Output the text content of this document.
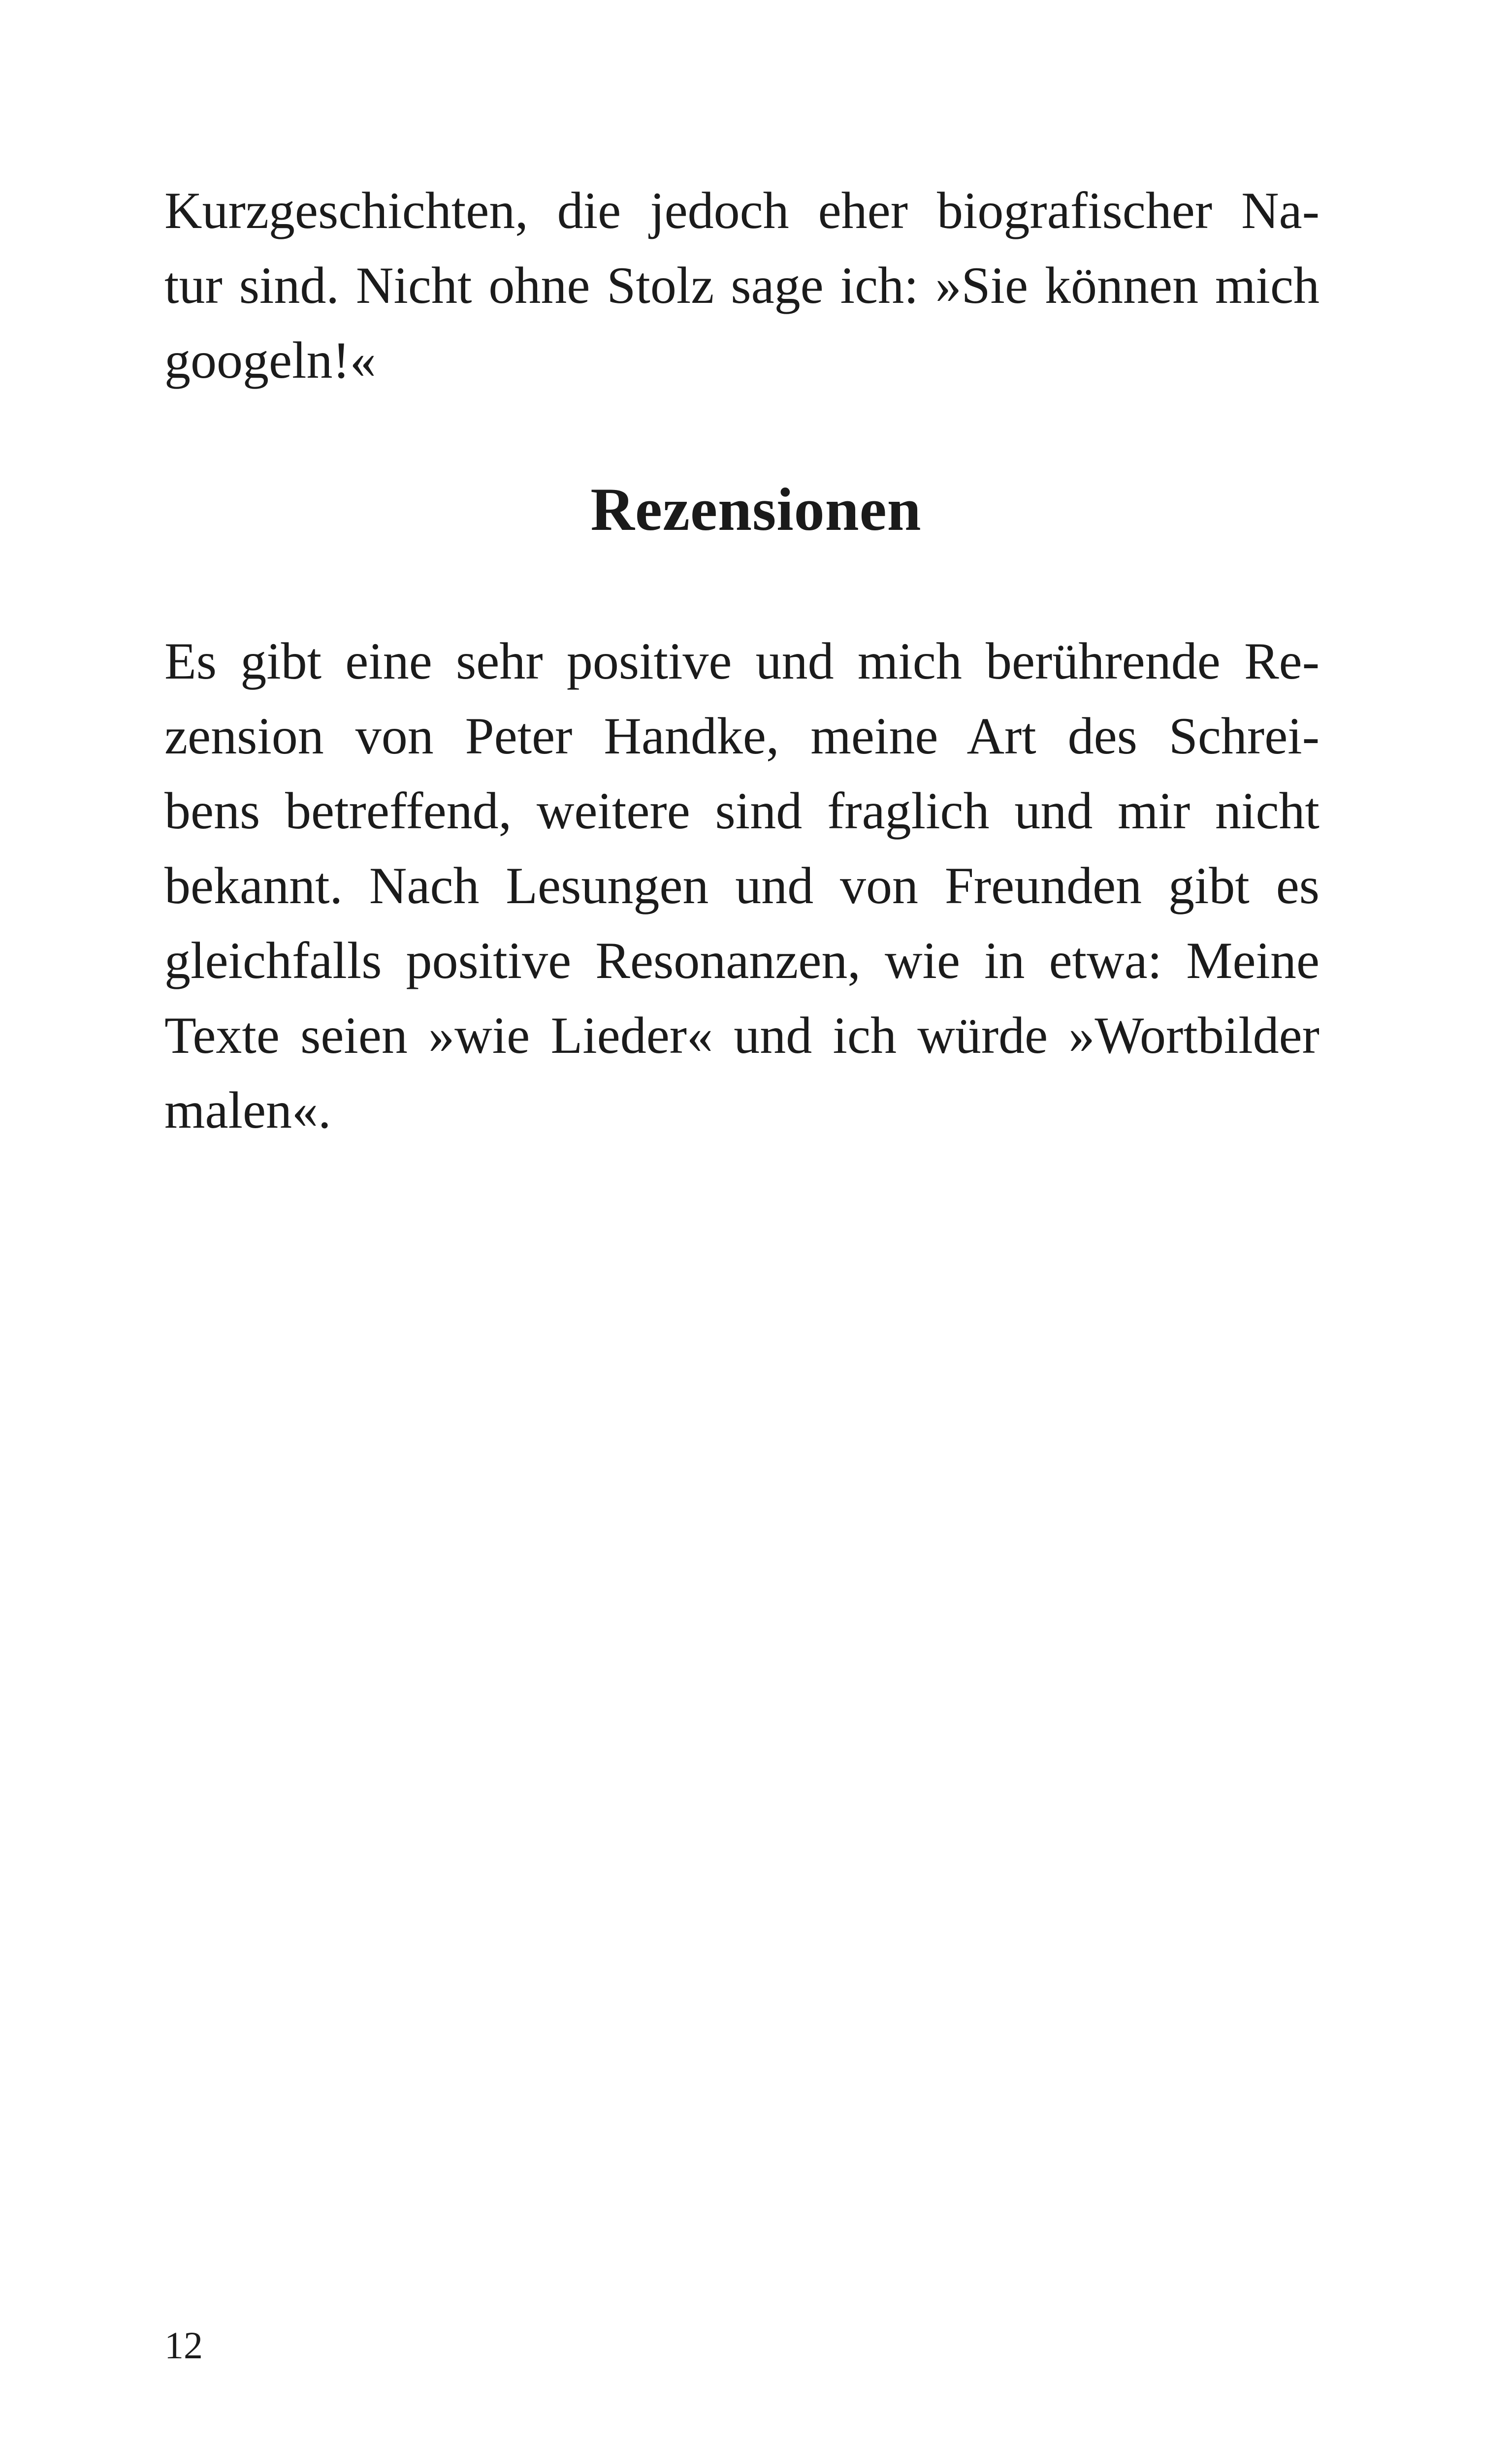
Kurzgeschichten, die jedoch eher biografischer Na-
tur sind. Nicht ohne Stolz sage ich: »Sie können mich
googeln!«
Rezensionen
Es gibt eine sehr positive und mich berührende Re-
zension von Peter Handke, meine Art des Schrei-
bens betreffend, weitere sind fraglich und mir nicht
bekannt. Nach Lesungen und von Freunden gibt es
gleichfalls positive Resonanzen, wie in etwa: Meine
Texte seien »wie Lieder« und ich würde »Wortbilder
malen«.
12
